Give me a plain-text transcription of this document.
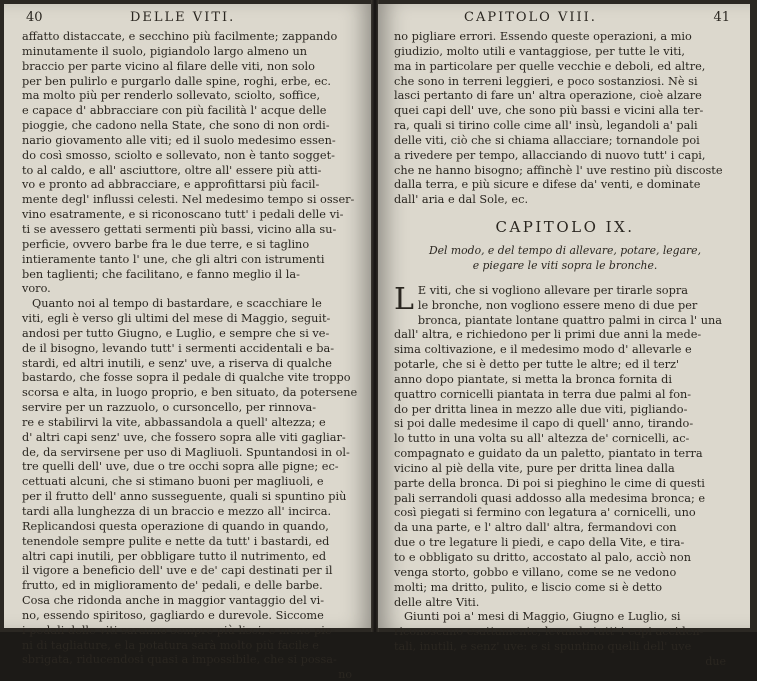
40	DELLE VITI.
affatto distaccate, e secchino più facilmente; zappando
minutamente il suolo, pigiandolo largo almeno un
braccio per parte vicino al filare delle viti, non solo
per ben pulirlo e purgarlo dalle spine, roghi, erbe, ec.
ma molto più per renderlo sollevato, sciolto, soffice,
e capace d' abbracciare con più facilità l' acque delle
pioggie, che cadono nella State, che sono di non ordi-
nario giovamento alle viti; ed il suolo medesimo essen-
do così smosso, sciolto e sollevato, non è tanto sogget-
to al caldo, e all' asciuttore, oltre all' essere più atti-
vo e pronto ad abbracciare, e approfittarsi più facil-
mente degl' influssi celesti. Nel medesimo tempo si osser-
vino esatramente, e si riconoscano tutt' i pedali delle vi-
ti se avessero gettati sermenti più bassi, vicino alla su-
perficie, ovvero barbe fra le due terre, e si taglino
intieramente tanto l' une, che gli altri con istrumenti
ben taglienti; che facilitano, e fanno meglio il la-
voro.
Quanto noi al tempo di bastardare, e scacchiare le
viti, egli è verso gli ultimi del mese di Maggio, seguit-
andosi per tutto Giugno, e Luglio, e sempre che si ve-
de il bisogno, levando tutt' i sermenti accidentali e ba-
stardi, ed altri inutili, e senz' uve, a riserva di qualche
bastardo, che fosse sopra il pedale di qualche vite troppo
scorsa e alta, in luogo proprio, e ben situato, da potersene
servire per un razzuolo, o cursoncello, per rinnova-
re e stabilirvi la vite, abbassandola a quell' altezza; e
d' altri capi senz' uve, che fossero sopra alle viti gagliar-
de, da servirsene per uso di Magliuoli. Spuntandosi in ol-
tre quelli dell' uve, due o tre occhi sopra alle pigne; ec-
cettuati alcuni, che si stimano buoni per magliuoli, e
per il frutto dell' anno susseguente, quali si spuntino più
tardi alla lunghezza di un braccio e mezzo all' incirca.
Replicandosi questa operazione di quando in quando,
tenendole sempre pulite e nette da tutt' i bastardi, ed
altri capi inutili, per obbligare tutto il nutrimento, ed
il vigore a beneficio dell' uve e de' capi destinati per il
frutto, ed in miglioramento de' pedali, e delle barbe.
Cosa che ridonda anche in maggior vantaggio del vi-
no, essendo spiritoso, gagliardo e durevole. Siccome
i pedali delle viti saranno sempre più lisci, e meno pie-
ni di tagliature, e la potatura sarà molto più facile e
sbrigata, riducendosi quasi a impossibile, che si possa-
no
CAPITOLO VIII.	41
no pigliare errori. Essendo queste operazioni, a mio
giudizio, molto utili e vantaggiose, per tutte le viti,
ma in particolare per quelle vecchie e deboli, ed altre,
che sono in terreni leggieri, e poco sostanziosi. Nè si
lasci pertanto di fare un' altra operazione, cioè alzare
quei capi dell' uve, che sono più bassi e vicini alla ter-
ra, quali si tirino colle cime all' insù, legandoli a' pali
delle viti, ciò che si chiama allacciare; tornandole poi
a rivedere per tempo, allacciando di nuovo tutt' i capi,
che ne hanno bisogno; affinchè l' uve restino più discoste
dalla terra, e più sicure e difese da' venti, e dominate
dall' aria e dal Sole, ec.
CAPITOLO IX.
Del modo, e del tempo di allevare, potare, legare,
e piegare le viti sopra le bronche.
L E viti, che si vogliono allevare per tirarle sopra
le bronche, non vogliono essere meno di due per
bronca, piantate lontane quattro palmi in circa l' una
dall' altra, e richiedono per li primi due anni la mede-
sima coltivazione, e il medesimo modo d' allevarle e
potarle, che si è detto per tutte le altre; ed il terz'
anno dopo piantate, si metta la bronca fornita di
quattro cornicelli piantata in terra due palmi al fon-
do per dritta linea in mezzo alle due viti, pigliando-
si poi dalle medesime il capo di quell' anno, tirando-
lo tutto in una volta su all' altezza de' cornicelli, ac-
compagnato e guidato da un paletto, piantato in terra
vicino al piè della vite, pure per dritta linea dalla
parte della bronca. Di poi si pieghino le cime di questi
pali serrandoli quasi addosso alla medesima bronca; e
così piegati si fermino con legatura a' cornicelli, uno
da una parte, e l' altro dall' altra, fermandovi con
due o tre legature li piedi, e capo della Vite, e tira-
to e obbligato su dritto, accostato al palo, acciò non
venga storto, gobbo e villano, come se ne vedono
molti; ma dritto, pulito, e liscio come si è detto
delle altre Viti.
Giunti poi a' mesi di Maggio, Giugno e Luglio, si
riconoscano esattamente, levando tutt' i capi acciden-
tali, inutili, e senz' uve: e si spuntino quelli dell' uve
due
